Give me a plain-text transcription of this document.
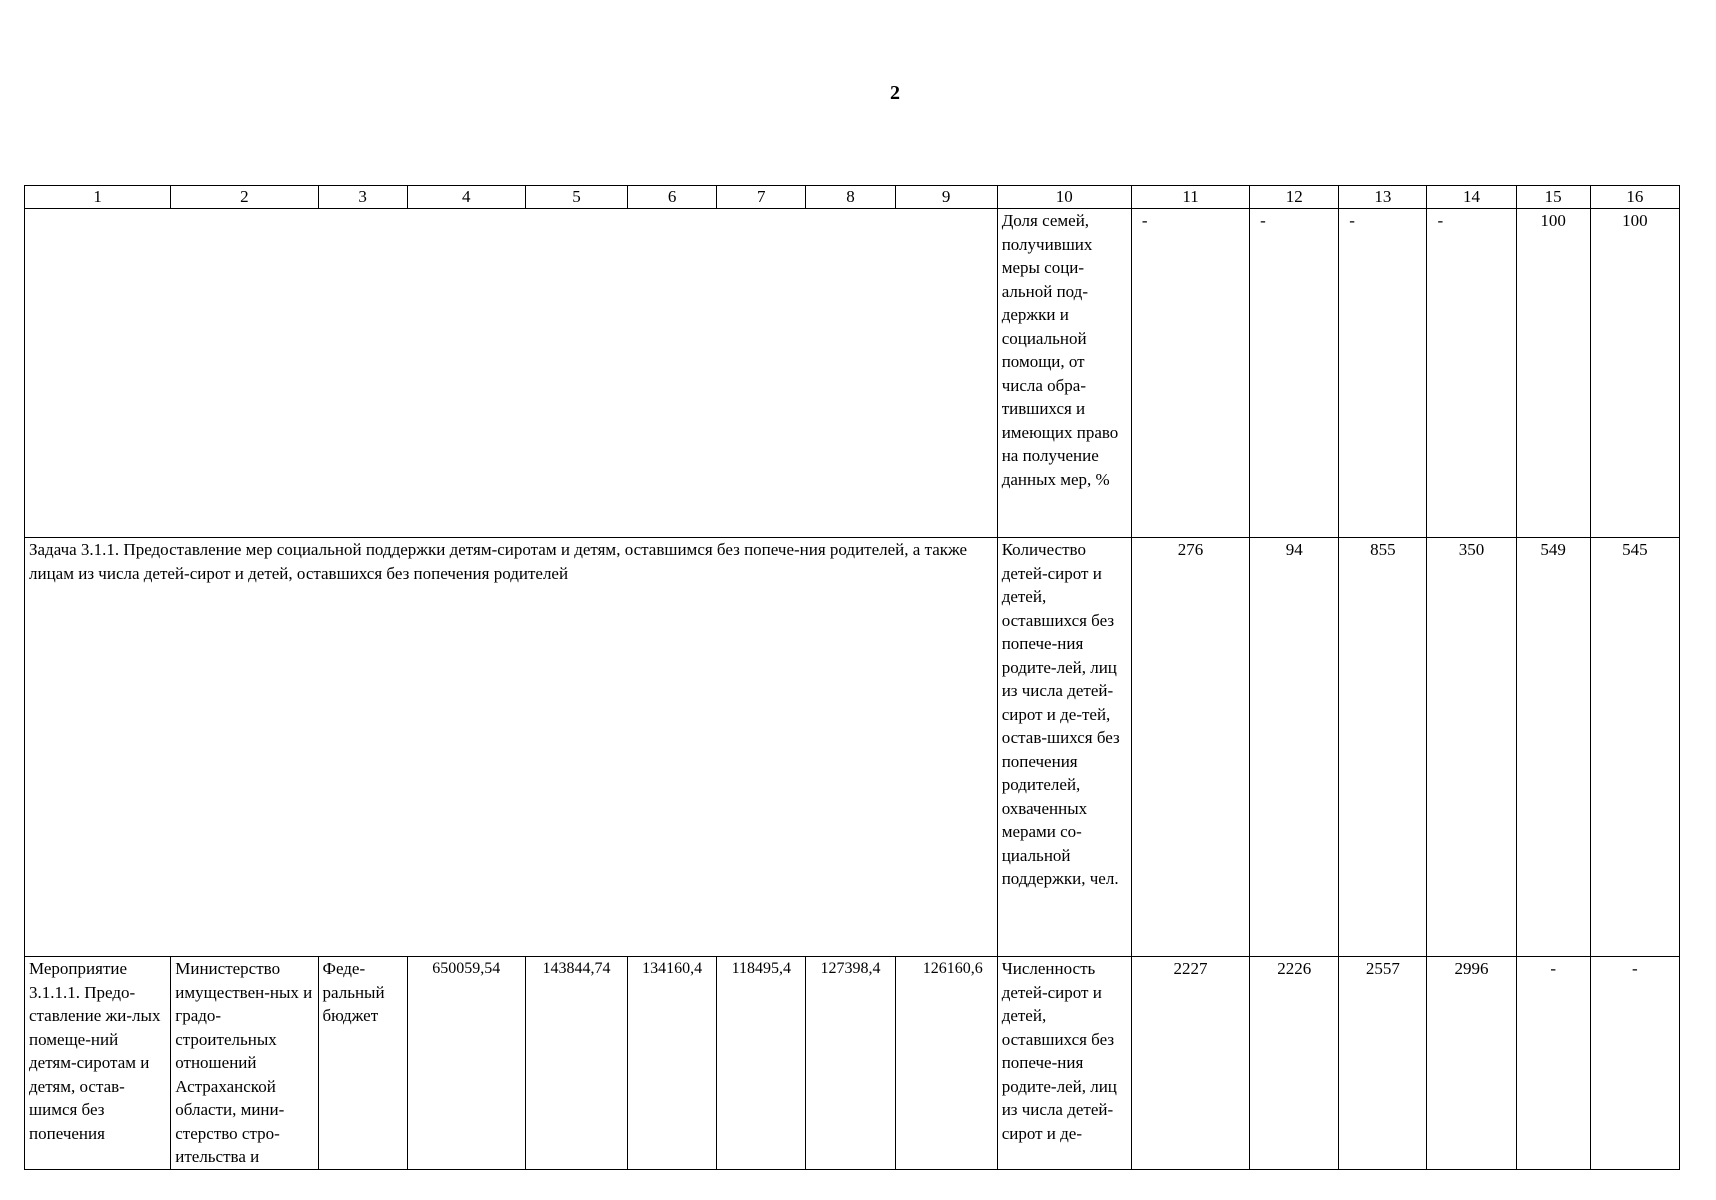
2
1	2	3	4	5	6	7	8	9	10	11	12	13	14	15	16
									Доля семей, получивших меры соци-альной под-держки и социальной помощи, от числа обра-тившихся и имеющих право на получение данных мер, %	-	-	-	-	100	100
Задача 3.1.1. Предоставление мер социальной поддержки детям-сиротам и детям, оставшимся без попече-ния родителей, а также лицам из числа детей-сирот и детей, оставшихся без попечения родителей									Количество детей-сирот и детей, оставшихся без попече-ния родите-лей, лиц из числа детей-сирот и де-тей, остав-шихся без попечения родителей, охваченных мерами со-циальной поддержки, чел.	276	94	855	350	549	545
Мероприятие 3.1.1.1. Предо-ставление жи-лых помеще-ний детям-сиротам и детям, остав-шимся без попечения	Министерство имуществен-ных и градо-строительных отношений Астраханской области, мини-стерство стро-ительства и	Феде-ральный бюджет	650059,54	143844,74	134160,4	118495,4	127398,4	126160,6	Численность детей-сирот и детей, оставшихся без попече-ния родите-лей, лиц из числа детей-сирот и де-	2227	2226	2557	2996	-	-
